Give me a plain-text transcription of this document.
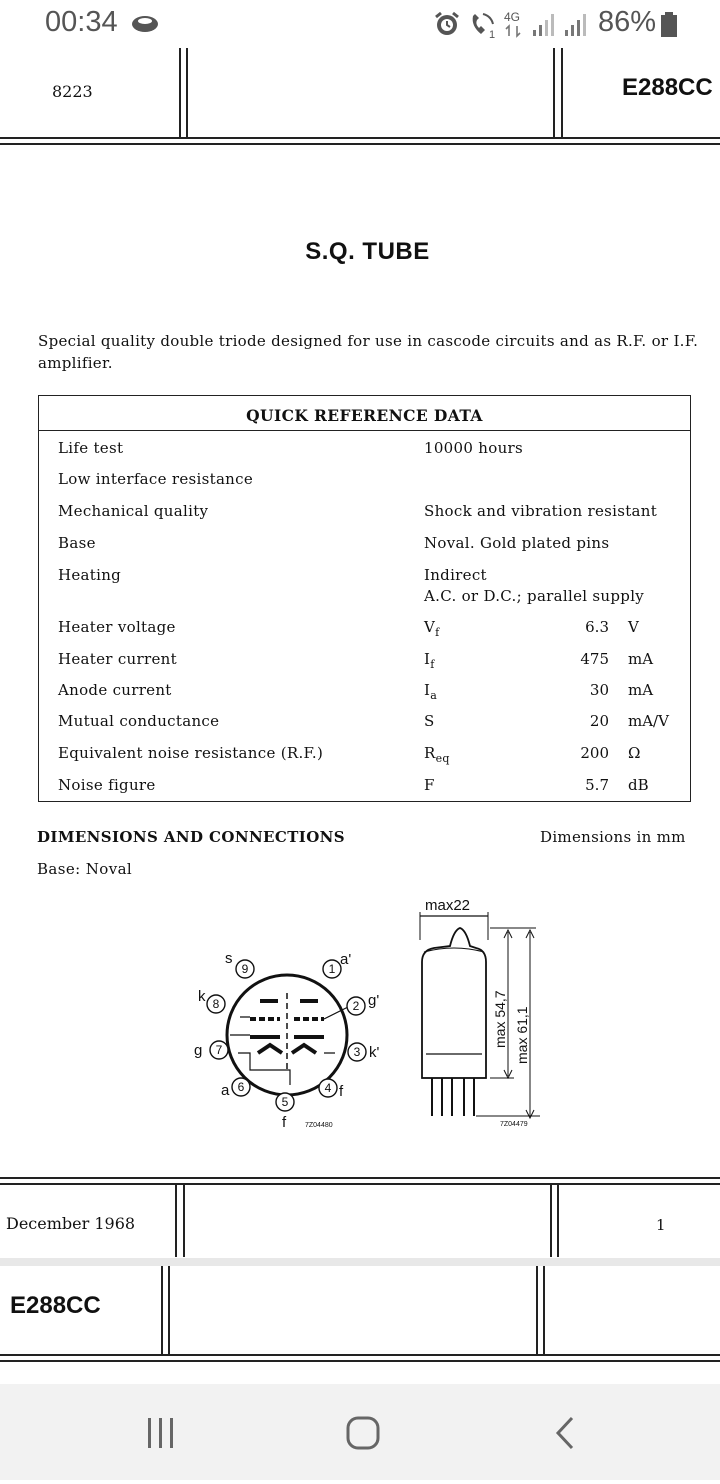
00:34	1
4G	86%
8223	E288CC
S.Q. TUBE
Special quality double triode designed for use in cascode circuits and as R.F. or I.F. amplifier.
QUICK REFERENCE DATA
Life test	10000 hours
Low interface resistance
Mechanical quality	Shock and vibration resistant
Base	Noval. Gold plated pins
Heating	Indirect
A.C. or D.C.; parallel supply
Heater voltage	$V_f$	6.3 V
Heater current	$I_f$	475 mA
Anode current	$I_a$	30 mA
Mutual conductance	S	20 mA/V
Equivalent noise resistance (R.F.)	$R_{eq}$	200 Ω
Noise figure	F	5.7 dB
DIMENSIONS AND CONNECTIONS	Dimensions in mm
Base: Noval
1
2
3
4
5
6
7
8
9
a'
g'
k'
f
f
a
g
k
s
7Z04480
max22
max 54,7 max 61,1
7Z04479
December 1968	1
E288CC
